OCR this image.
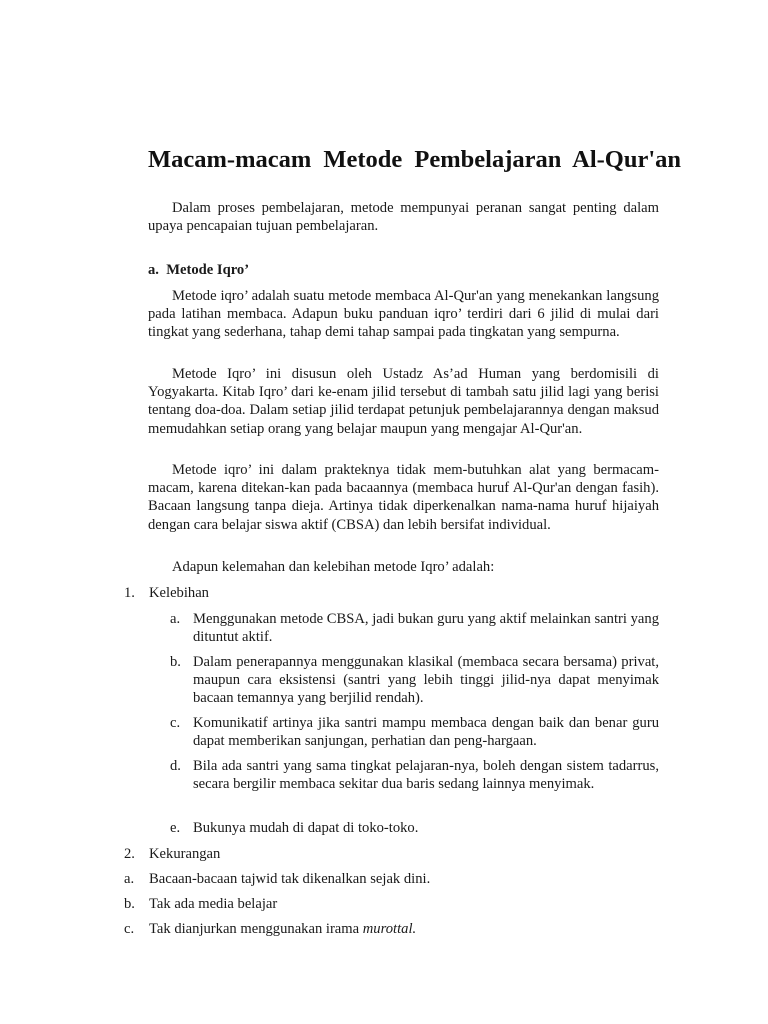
Macam-macam Metode Pembelajaran Al-Qur'an

Dalam proses pembelajaran, metode mempunyai peranan sangat penting dalam upaya pencapaian tujuan pembelajaran.

a. Metode Iqro’

Metode iqro’ adalah suatu metode membaca Al-Qur'an yang menekankan langsung pada latihan membaca. Adapun buku panduan iqro’ terdiri dari 6 jilid di mulai dari tingkat yang sederhana, tahap demi tahap sampai pada tingkatan yang sempurna.

Metode Iqro’ ini disusun oleh Ustadz As’ad Human yang berdomisili di Yogyakarta. Kitab Iqro’ dari ke-enam jilid tersebut di tambah satu jilid lagi yang berisi tentang doa-doa. Dalam setiap jilid terdapat petunjuk pembelajarannya dengan maksud memudahkan setiap orang yang belajar maupun yang mengajar Al-Qur'an.

Metode iqro’ ini dalam prakteknya tidak mem-butuhkan alat yang bermacam-macam, karena ditekan-kan pada bacaannya (membaca huruf Al-Qur'an dengan fasih). Bacaan langsung tanpa dieja. Artinya tidak diperkenalkan nama-nama huruf hijaiyah dengan cara belajar siswa aktif (CBSA) dan lebih bersifat individual.

Adapun kelemahan dan kelebihan metode Iqro’ adalah:

1. Kelebihan
a. Menggunakan metode CBSA, jadi bukan guru yang aktif melainkan santri yang dituntut aktif.

b. Dalam penerapannya menggunakan klasikal (membaca secara bersama) privat, maupun cara eksistensi (santri yang lebih tinggi jilid-nya dapat menyimak bacaan temannya yang berjilid rendah).

c. Komunikatif artinya jika santri mampu membaca dengan baik dan benar guru dapat memberikan sanjungan, perhatian dan peng-hargaan.

d. Bila ada santri yang sama tingkat pelajaran-nya, boleh dengan sistem tadarrus, secara bergilir membaca sekitar dua baris sedang lainnya menyimak.

e. Bukunya mudah di dapat di toko-toko.

2. Kekurangan
a. Bacaan-bacaan tajwid tak dikenalkan sejak dini.

b. Tak ada media belajar

c. Tak dianjurkan menggunakan irama murottal.
